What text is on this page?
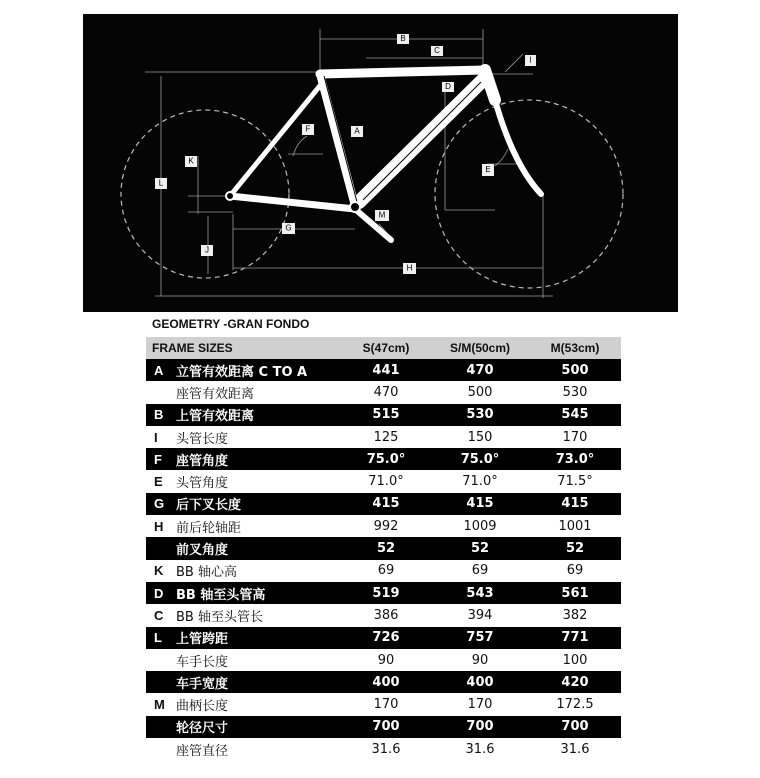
B
C
I
D
F	A
K
E
L
M
G
J
H
GEOMETRY -GRAN FONDO
FRAME SIZES	S(47cm)	S/M(50cm)	M(53cm)
A 立管有效距离 C TO A	441	470	500
座管有效距离	470	500	530
B 上管有效距离	515	530	545
I	头管长度	125	150	170
F	座管角度	75.0°	75.0°	73.0°
E	头管角度	71.0°	71.0°	71.5°
G 后下叉长度	415	415	415
H 前后轮轴距	992	1009	1001
前叉角度	52	52	52
K BB 轴心高	69	69	69
D BB 轴至头管高	519	543	561
C BB 轴至头管长	386	394	382
L	上管跨距	726	757	771
车手长度	90	90	100
车手宽度	400	400	420
M 曲柄长度	170	170	172.5
轮径尺寸	700	700	700
座管直径	31.6	31.6	31.6
